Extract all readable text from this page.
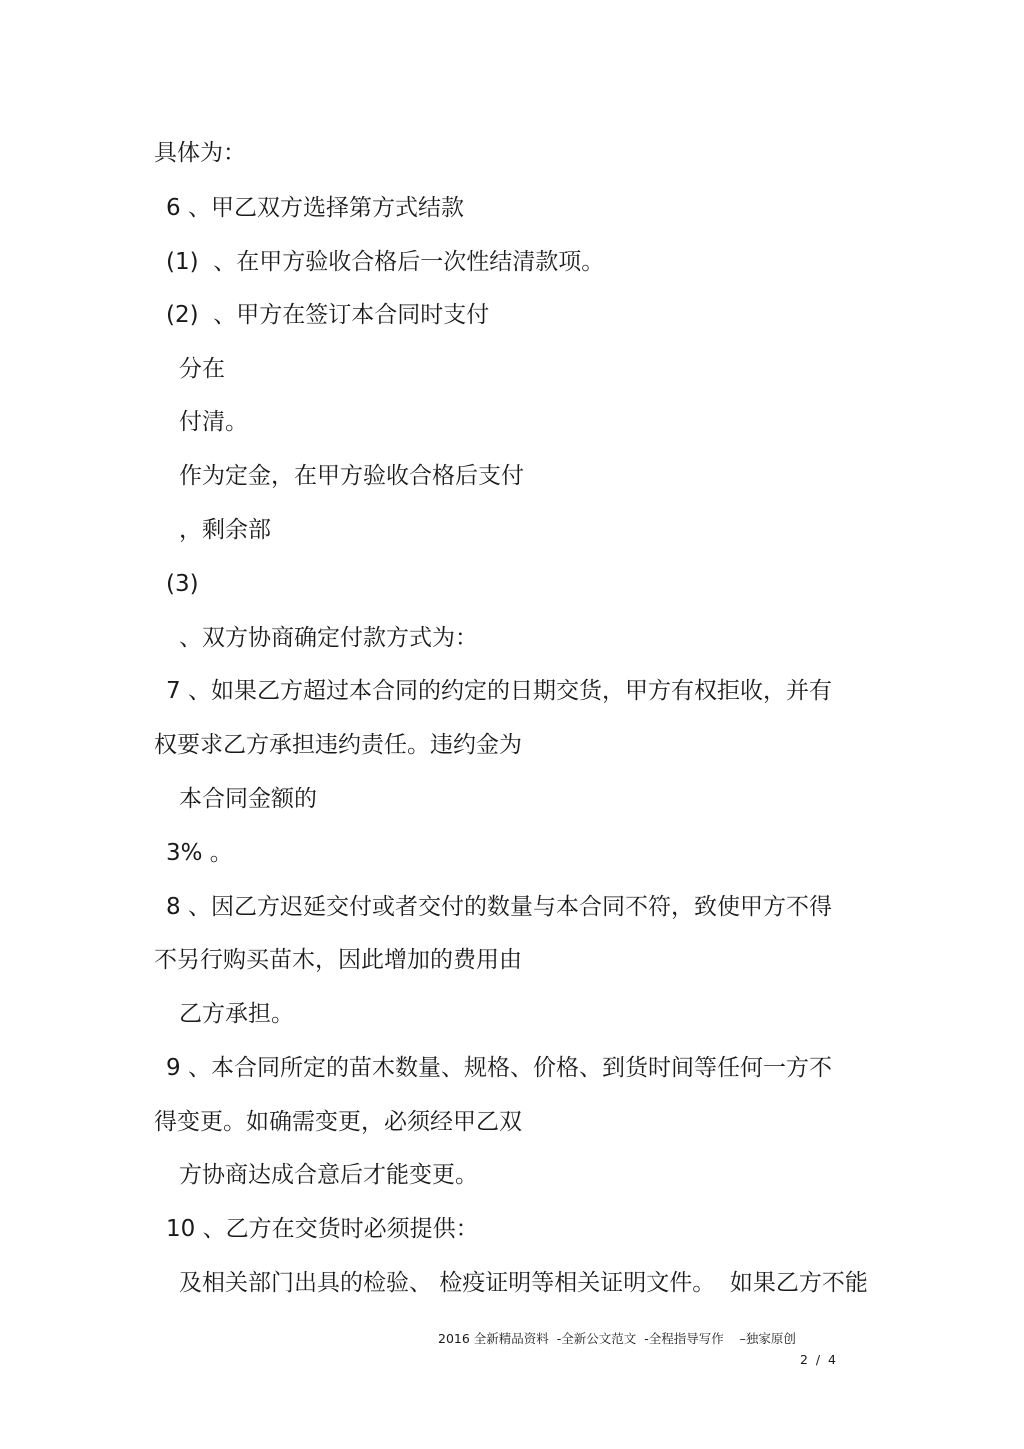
具体为：
6 、甲乙双方选择第方式结款
(1)  、在甲方验收合格后一次性结清款项。
(2)  、甲方在签订本合同时支付
分在
付清。
作为定金，在甲方验收合格后支付
，剩余部
(3)
、双方协商确定付款方式为：
7 、如果乙方超过本合同的约定的日期交货，甲方有权拒收，并有
权要求乙方承担违约责任。违约金为
本合同金额的
3% 。
8 、因乙方迟延交付或者交付的数量与本合同不符，致使甲方不得
不另行购买苗木，因此增加的费用由
乙方承担。
9 、本合同所定的苗木数量、规格、价格、到货时间等任何一方不
得变更。如确需变更，必须经甲乙双
方协商达成合意后才能变更。
10 、乙方在交货时必须提供：
及相关部门出具的检验、 检疫证明等相关证明文件。  如果乙方不能
2016 全新精品资料  -全新公文范文  -全程指导写作    –独家原创
2  /  4
